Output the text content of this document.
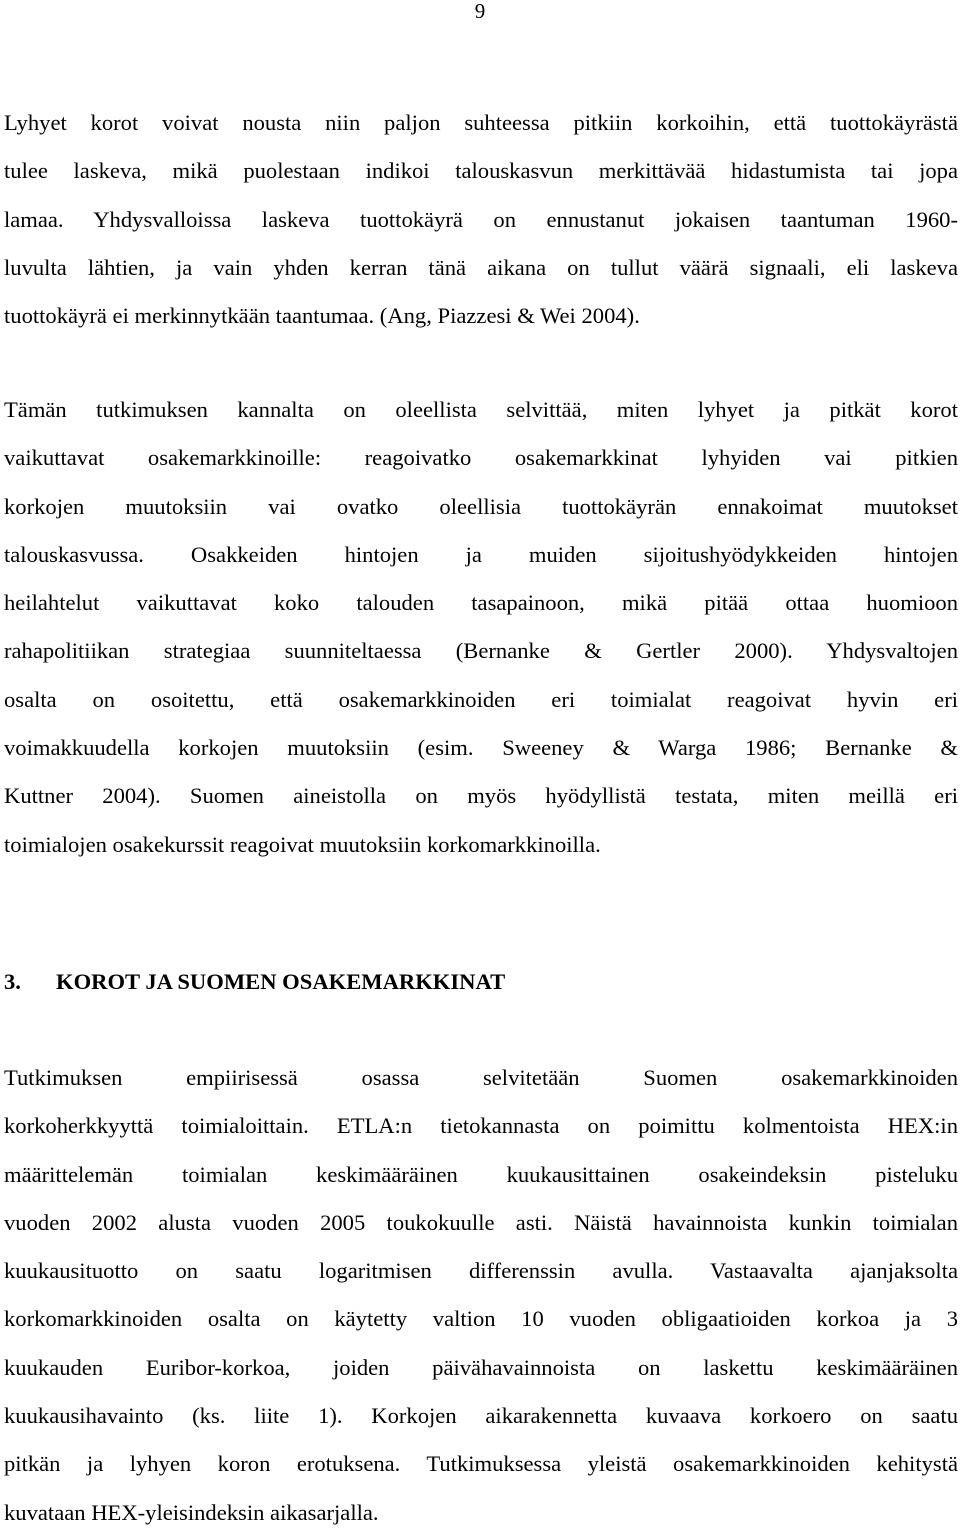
9

Lyhyet korot voivat nousta niin paljon suhteessa pitkiin korkoihin, että tuottokäyrästä
tulee laskeva, mikä puolestaan indikoi talouskasvun merkittävää hidastumista tai jopa
lamaa. Yhdysvalloissa laskeva tuottokäyrä on ennustanut jokaisen taantuman 1960-
luvulta lähtien, ja vain yhden kerran tänä aikana on tullut väärä signaali, eli laskeva
tuottokäyrä ei merkinnytkään taantumaa. (Ang, Piazzesi & Wei 2004).

Tämän tutkimuksen kannalta on oleellista selvittää, miten lyhyet ja pitkät korot
vaikuttavat osakemarkkinoille: reagoivatko osakemarkkinat lyhyiden vai pitkien
korkojen muutoksiin vai ovatko oleellisia tuottokäyrän ennakoimat muutokset
talouskasvussa. Osakkeiden hintojen ja muiden sijoitushyödykkeiden hintojen
heilahtelut vaikuttavat koko talouden tasapainoon, mikä pitää ottaa huomioon
rahapolitiikan strategiaa suunniteltaessa (Bernanke & Gertler 2000). Yhdysvaltojen
osalta on osoitettu, että osakemarkkinoiden eri toimialat reagoivat hyvin eri
voimakkuudella korkojen muutoksiin (esim. Sweeney & Warga 1986; Bernanke &
Kuttner 2004). Suomen aineistolla on myös hyödyllistä testata, miten meillä eri
toimialojen osakekurssit reagoivat muutoksiin korkomarkkinoilla.

3. KOROT JA SUOMEN OSAKEMARKKINAT

Tutkimuksen empiirisessä osassa selvitetään Suomen osakemarkkinoiden
korkoherkkyyttä toimialoittain. ETLA:n tietokannasta on poimittu kolmentoista HEX:in
määrittelemän toimialan keskimääräinen kuukausittainen osakeindeksin pisteluku
vuoden 2002 alusta vuoden 2005 toukokuulle asti. Näistä havainnoista kunkin toimialan
kuukausituotto on saatu logaritmisen differenssin avulla. Vastaavalta ajanjaksolta
korkomarkkinoiden osalta on käytetty valtion 10 vuoden obligaatioiden korkoa ja 3
kuukauden Euribor-korkoa, joiden päivähavainnoista on laskettu keskimääräinen
kuukausihavainto (ks. liite 1). Korkojen aikarakennetta kuvaava korkoero on saatu
pitkän ja lyhyen koron erotuksena. Tutkimuksessa yleistä osakemarkkinoiden kehitystä
kuvataan HEX-yleisindeksin aikasarjalla.
